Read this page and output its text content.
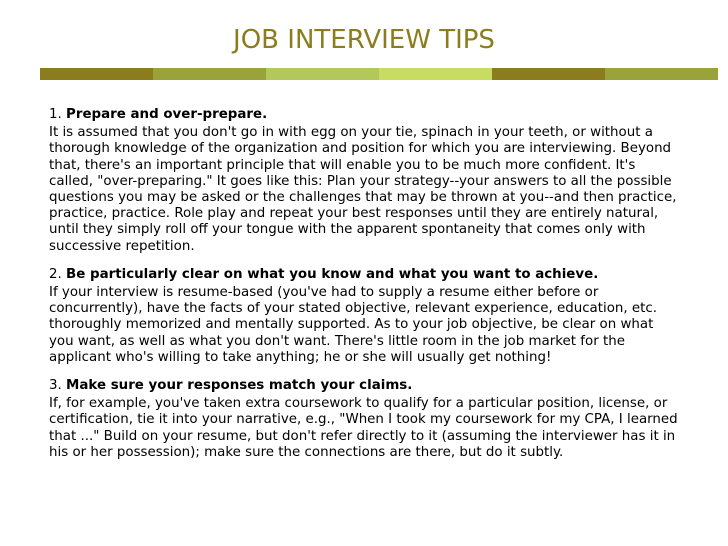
JOB INTERVIEW TIPS

1. Prepare and over-prepare.

It is assumed that you don't go in with egg on your tie, spinach in your teeth, or without a thorough knowledge of the organization and position for which you are interviewing. Beyond that, there's an important principle that will enable you to be much more confident. It's called, "over-preparing." It goes like this: Plan your strategy--your answers to all the possible questions you may be asked or the challenges that may be thrown at you--and then practice, practice, practice. Role play and repeat your best responses until they are entirely natural, until they simply roll off your tongue with the apparent spontaneity that comes only with successive repetition.

2. Be particularly clear on what you know and what you want to achieve.

If your interview is resume-based (you've had to supply a resume either before or concurrently), have the facts of your stated objective, relevant experience, education, etc. thoroughly memorized and mentally supported. As to your job objective, be clear on what you want, as well as what you don't want. There's little room in the job market for the applicant who's willing to take anything; he or she will usually get nothing!

3. Make sure your responses match your claims.

If, for example, you've taken extra coursework to qualify for a particular position, license, or certification, tie it into your narrative, e.g., "When I took my coursework for my CPA, I learned that ..." Build on your resume, but don't refer directly to it (assuming the interviewer has it in his or her possession); make sure the connections are there, but do it subtly.
